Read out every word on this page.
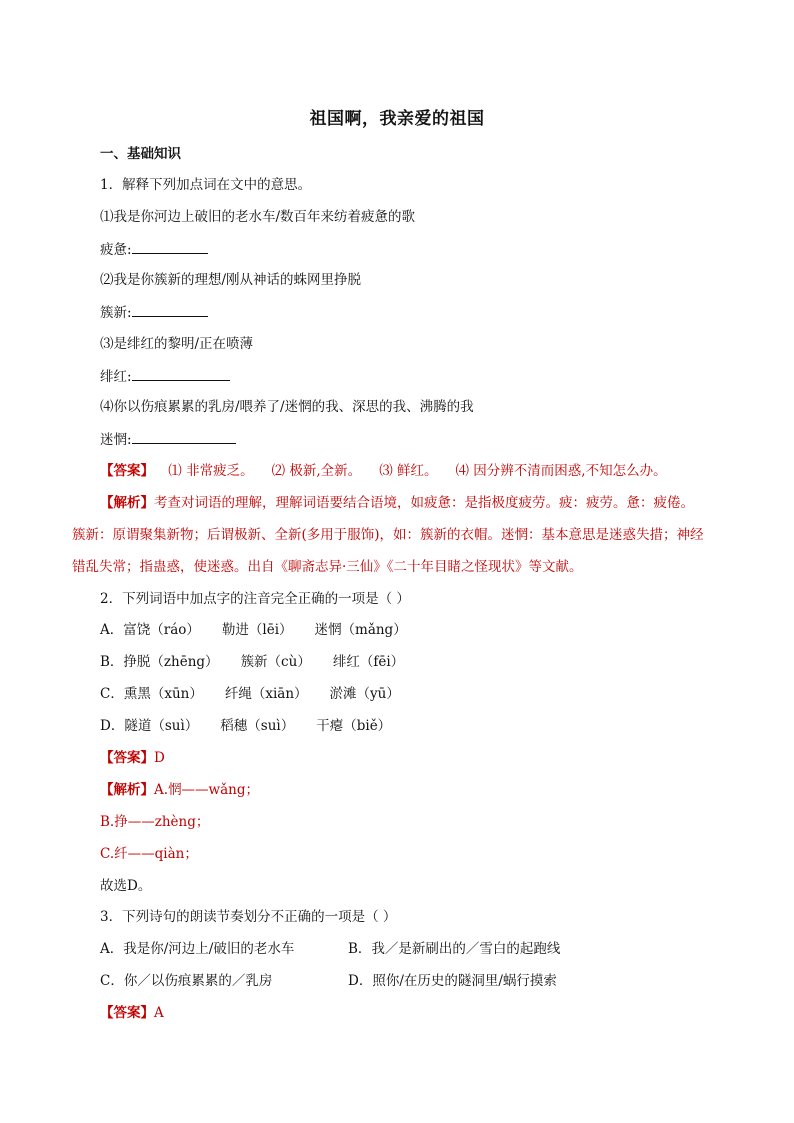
祖国啊，我亲爱的祖国
一、基础知识
1．解释下列加点词在文中的意思。
⑴我是你河边上破旧的老水车/数百年来纺着疲惫的歌
疲惫:
⑵我是你簇新的理想/刚从神话的蛛网里挣脱
簇新:
⑶是绯红的黎明/正在喷薄
绯红:
⑷你以伤痕累累的乳房/喂养了/迷惘的我、深思的我、沸腾的我
迷惘:
【答案】 ⑴ 非常疲乏。 ⑵ 极新,全新。 ⑶ 鲜红。 ⑷ 因分辨不清而困惑,不知怎么办。
【解析】考查对词语的理解，理解词语要结合语境，如疲惫：是指极度疲劳。疲：疲劳。惫：疲倦。
簇新：原谓聚集新物；后谓极新、全新(多用于服饰)，如：簇新的衣帽。迷惘：基本意思是迷惑失措；神经
错乱失常；指蛊惑，使迷惑。出自《聊斋志异·三仙》《二十年目睹之怪现状》等文献。
2．下列词语中加点字的注音完全正确的一项是（ ）
A．富饶（ráo） 勒进（lēi） 迷惘（mǎng）
B．挣脱（zhēng） 簇新（cù） 绯红（fēi）
C．熏黑（xūn） 纤绳（xiān） 淤滩（yū）
D．隧道（suì） 稻穗（suì） 干瘪（biě）
【答案】D
【解析】A.惘——wǎng；
B.挣——zhèng；
C.纤——qiàn；
故选D。
3．下列诗句的朗读节奏划分不正确的一项是（ ）
A．我是你/河边上/破旧的老水车	B．我／是新刷出的／雪白的起跑线
C．你／以伤痕累累的／乳房	D．照你/在历史的隧洞里/蜗行摸索
【答案】A
